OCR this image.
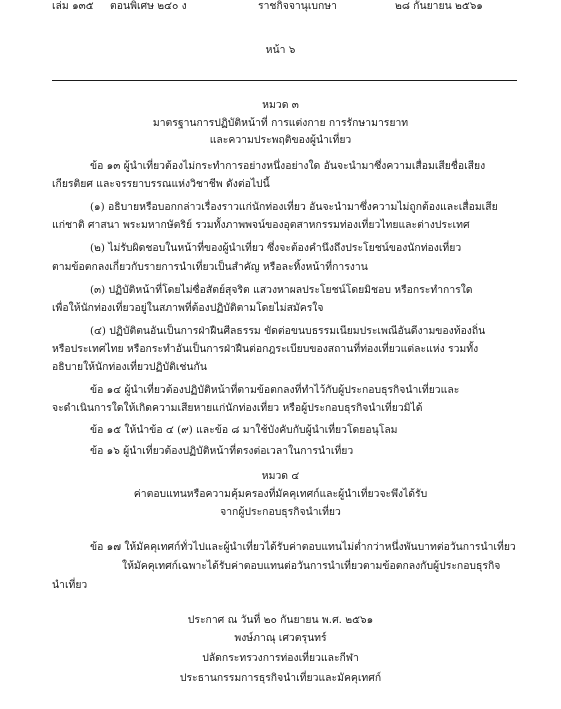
หน้า ๖
เล่ม ๑๓๕ ตอนพิเศษ ๒๔๐ ง	ราชกิจจานุเบกษา	๒๘ กันยายน ๒๕๖๑
หมวด ๓
มาตรฐานการปฏิบัติหน้าที่ การแต่งกาย การรักษามารยาท
และความประพฤติของผู้นำเที่ยว
ข้อ ๑๓ ผู้นำเที่ยวต้องไม่กระทำการอย่างหนึ่งอย่างใด อันจะนำมาซึ่งความเสื่อมเสียชื่อเสียง
เกียรติยศ และจรรยาบรรณแห่งวิชาชีพ ดังต่อไปนี้
(๑) อธิบายหรือบอกกล่าวเรื่องราวแก่นักท่องเที่ยว อันจะนำมาซึ่งความไม่ถูกต้องและเสื่อมเสีย
แก่ชาติ ศาสนา พระมหากษัตริย์ รวมทั้งภาพพจน์ของอุตสาหกรรมท่องเที่ยวไทยและต่างประเทศ
(๒) ไม่รับผิดชอบในหน้าที่ของผู้นำเที่ยว ซึ่งจะต้องคำนึงถึงประโยชน์ของนักท่องเที่ยว
ตามข้อตกลงเกี่ยวกับรายการนำเที่ยวเป็นสำคัญ หรือละทิ้งหน้าที่การงาน
(๓) ปฏิบัติหน้าที่โดยไม่ซื่อสัตย์สุจริต แสวงหาผลประโยชน์โดยมิชอบ หรือกระทำการใด
เพื่อให้นักท่องเที่ยวอยู่ในสภาพที่ต้องปฏิบัติตามโดยไม่สมัครใจ
(๔) ปฏิบัติตนอันเป็นการฝ่าฝืนศีลธรรม ขัดต่อขนบธรรมเนียมประเพณีอันดีงามของท้องถิ่น
หรือประเทศไทย หรือกระทำอันเป็นการฝ่าฝืนต่อกฎระเบียบของสถานที่ท่องเที่ยวแต่ละแห่ง รวมทั้ง
อธิบายให้นักท่องเที่ยวปฏิบัติเช่นกัน
ข้อ ๑๔ ผู้นำเที่ยวต้องปฏิบัติหน้าที่ตามข้อตกลงที่ทำไว้กับผู้ประกอบธุรกิจนำเที่ยวและ
จะดำเนินการใดให้เกิดความเสียหายแก่นักท่องเที่ยว หรือผู้ประกอบธุรกิจนำเที่ยวมิได้
ข้อ ๑๕ ให้นำข้อ ๔ (๙) และข้อ ๘ มาใช้บังคับกับผู้นำเที่ยวโดยอนุโลม
ข้อ ๑๖ ผู้นำเที่ยวต้องปฏิบัติหน้าที่ตรงต่อเวลาในการนำเที่ยว
หมวด ๔
ค่าตอบแทนหรือความคุ้มครองที่มัคคุเทศก์และผู้นำเที่ยวจะพึงได้รับ
จากผู้ประกอบธุรกิจนำเที่ยว
ข้อ ๑๗ ให้มัคคุเทศก์ทั่วไปและผู้นำเที่ยวได้รับค่าตอบแทนไม่ต่ำกว่าหนึ่งพันบาทต่อวันการนำเที่ยว
ให้มัคคุเทศก์เฉพาะได้รับค่าตอบแทนต่อวันการนำเที่ยวตามข้อตกลงกับผู้ประกอบธุรกิจ
นำเที่ยว
ประกาศ ณ วันที่ ๒๐ กันยายน พ.ศ. ๒๕๖๑
พงษ์ภาณุ เศวตรุนทร์
ปลัดกระทรวงการท่องเที่ยวและกีฬา
ประธานกรรมการธุรกิจนำเที่ยวและมัคคุเทศก์
